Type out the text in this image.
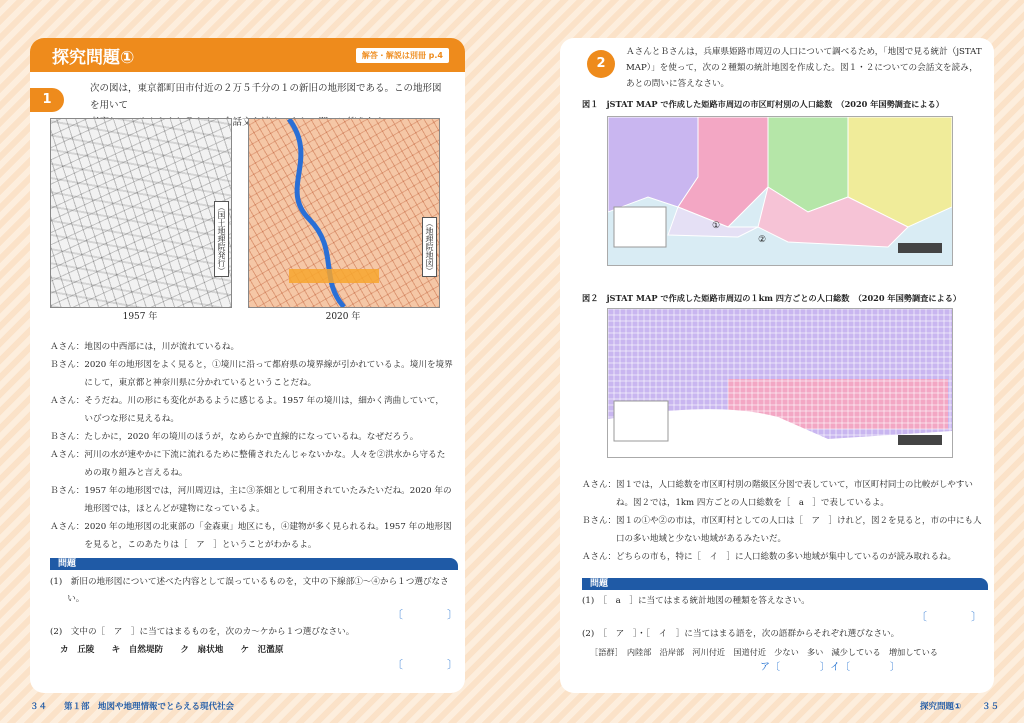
探究問題①	解答・解説は別冊 p.4
1
次の図は，東京都町田市付近の２万５千分の１の新旧の地形図である。この地形図を用いて
（国土地理院発行）	（地理院地図）
1957 年	2020 年
Ａさん：地図の中西部には，川が流れているね。
Ｂさん：2020 年の地形図をよく見ると，①境川に沿って都府県の境界線が引かれているよ。境川を境界
　　　　にして，東京都と神奈川県に分かれているということだね。
Ａさん：そうだね。川の形にも変化があるように感じるよ。1957 年の境川は，細かく湾曲していて，
　　　　いびつな形に見えるね。
Ｂさん：たしかに，2020 年の境川のほうが，なめらかで直線的になっているね。なぜだろう。
Ａさん：河川の水が速やかに下流に流れるために整備されたんじゃないかな。人々を②洪水から守るた
　　　　めの取り組みと言えるね。
Ｂさん：1957 年の地形図では，河川周辺は，主に③茶畑として利用されていたみたいだね。2020 年の
　　　　地形図では，ほとんどが建物になっているよ。
Ａさん：2020 年の地形図の北東部の「金森東」地区にも，④建物が多く見られるね。1957 年の地形図
　　　　を見ると，このあたりは［　ア　］ということがわかるよ。
問題
(1)　新旧の地形図について述べた内容として誤っているものを，文中の下線部①～④から１つ選びなさ
　　い。
〔　　　　〕
(2)　文中の［　ア　］に当てはまるものを，次のカ～ケから１つ選びなさい。
カ　丘陵　　キ　自然堤防　　ク　扇状地　　ケ　氾濫原
〔　　　　〕
３４　　第１部　地図や地理情報でとらえる現代社会
2
ＡさんとＢさんは，兵庫県姫路市周辺の人口について調べるため，「地図で見る統計（jSTAT
MAP）」を使って，次の２種類の統計地図を作成した。図１・２についての会話文を読み，
あとの問いに答えなさい。
図１　jSTAT MAP で作成した姫路市周辺の市区町村別の人口総数　（2020 年国勢調査による）
①
②
図２　jSTAT MAP で作成した姫路市周辺の１km 四方ごとの人口総数　（2020 年国勢調査による）
Ａさん：図１では，人口総数を市区町村別の階級区分図で表していて，市区町村同士の比較がしやすい
　　　　ね。図２では，1km 四方ごとの人口総数を［　a　］で表しているよ。
Ｂさん：図１の①や②の市は，市区町村としての人口は［　ア　］けれど，図２を見ると，市の中にも人
　　　　口の多い地域と少ない地域があるみたいだ。
Ａさん：どちらの市も，特に［　イ　］に人口総数の多い地域が集中しているのが読み取れるね。
問題
(1)　［　a　］に当てはまる統計地図の種類を答えなさい。
〔　　　　〕
(2)　［　ア　］・［　イ　］に当てはまる語を，次の語群からそれぞれ選びなさい。
［語群］　内陸部　沿岸部　河川付近　国道付近　少ない　多い　減少している　増加している
ア〔　　　　〕イ〔　　　　〕
探究問題① ３５
